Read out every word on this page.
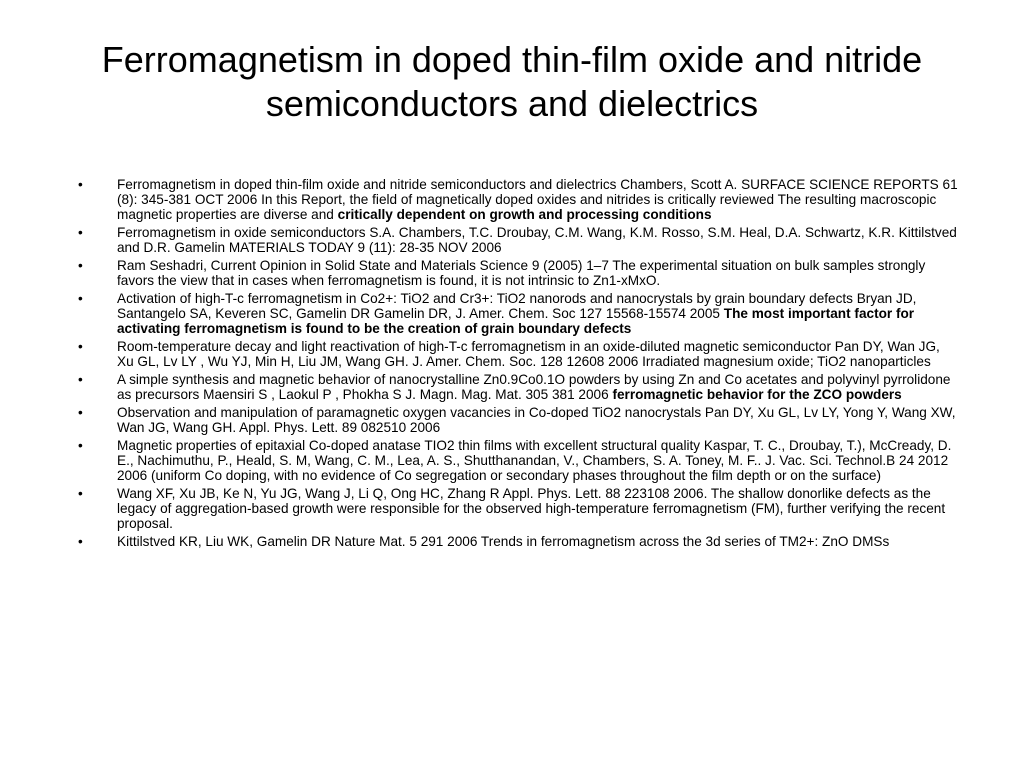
Ferromagnetism in doped thin-film oxide and nitride
semiconductors and dielectrics
•	Ferromagnetism in doped thin-film oxide and nitride semiconductors and dielectrics Chambers, Scott A. SURFACE SCIENCE REPORTS 61 (8): 345-381 OCT 2006 In this Report, the field of magnetically doped oxides and nitrides is critically reviewed The resulting macroscopic magnetic properties are diverse and critically dependent on growth and processing conditions
•	Ferromagnetism in oxide semiconductors S.A. Chambers, T.C. Droubay, C.M. Wang, K.M. Rosso, S.M. Heal, D.A. Schwartz, K.R. Kittilstved and D.R. Gamelin MATERIALS TODAY 9 (11): 28-35 NOV 2006
•	Ram Seshadri, Current Opinion in Solid State and Materials Science 9 (2005) 1–7 The experimental situation on bulk samples strongly favors the view that in cases when ferromagnetism is found, it is not intrinsic to Zn1-xMxO.
•	Activation of high-T-c ferromagnetism in Co2+: TiO2 and Cr3+: TiO2 nanorods and nanocrystals by grain boundary defects Bryan JD, Santangelo SA, Keveren SC, Gamelin DR Gamelin DR, J. Amer. Chem. Soc 127 15568-15574 2005 The most important factor for activating ferromagnetism is found to be the creation of grain boundary defects
•	Room-temperature decay and light reactivation of high-T-c ferromagnetism in an oxide-diluted magnetic semiconductor Pan DY, Wan JG, Xu GL, Lv LY , Wu YJ, Min H, Liu JM, Wang GH. J. Amer. Chem. Soc. 128 12608 2006 Irradiated magnesium oxide; TiO2 nanoparticles
•	A simple synthesis and magnetic behavior of nanocrystalline Zn0.9Co0.1O powders by using Zn and Co acetates and polyvinyl pyrrolidone as precursors Maensiri S , Laokul P , Phokha S J. Magn. Mag. Mat. 305 381 2006 ferromagnetic behavior for the ZCO powders
•	Observation and manipulation of paramagnetic oxygen vacancies in Co-doped TiO2 nanocrystals Pan DY, Xu GL, Lv LY, Yong Y, Wang XW, Wan JG, Wang GH. Appl. Phys. Lett. 89 082510 2006
•	Magnetic properties of epitaxial Co-doped anatase TIO2 thin films with excellent structural quality Kaspar, T. C., Droubay, T.), McCready, D. E., Nachimuthu, P., Heald, S. M, Wang, C. M., Lea, A. S., Shutthanandan, V., Chambers, S. A. Toney, M. F.. J. Vac. Sci. Technol.B 24 2012 2006 (uniform Co doping, with no evidence of Co segregation or secondary phases throughout the film depth or on the surface)
•	Wang XF, Xu JB, Ke N, Yu JG, Wang J, Li Q, Ong HC, Zhang R Appl. Phys. Lett. 88 223108 2006. The shallow donorlike defects as the legacy of aggregation-based growth were responsible for the observed high-temperature ferromagnetism (FM), further verifying the recent proposal.
•	Kittilstved KR, Liu WK, Gamelin DR Nature Mat. 5 291 2006 Trends in ferromagnetism across the 3d series of TM2+: ZnO DMSs
